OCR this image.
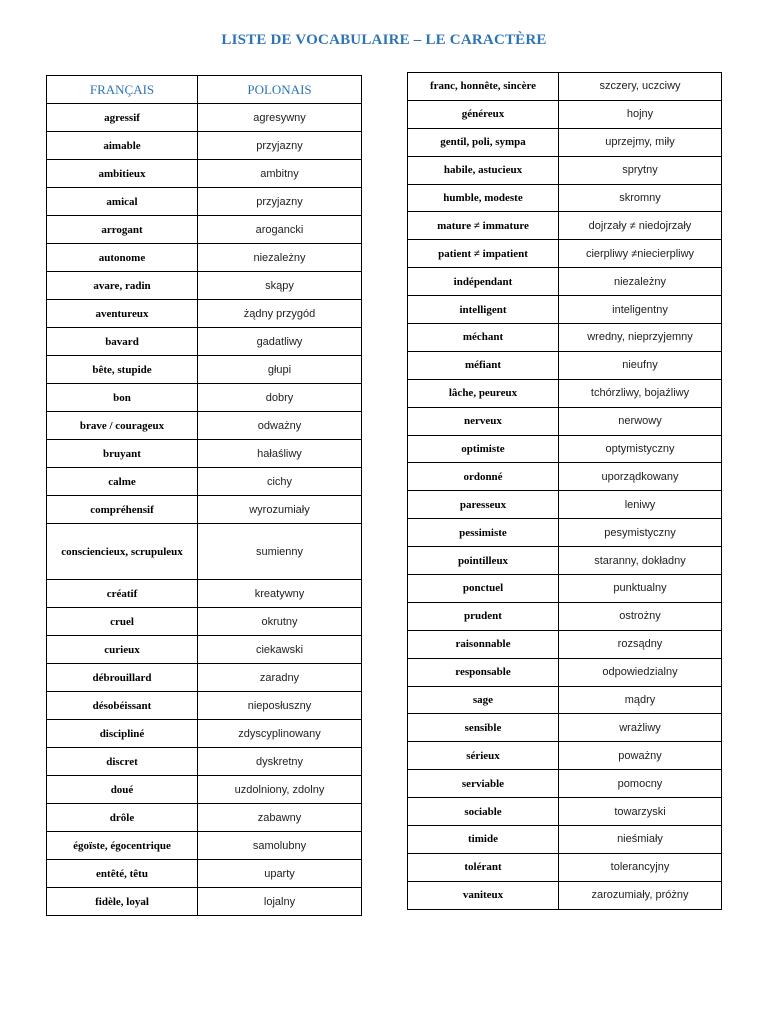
LISTE DE VOCABULAIRE – LE CARACTÈRE
FRANÇAIS	POLONAIS
agressif	agresywny
aimable	przyjazny
ambitieux	ambitny
amical	przyjazny
arrogant	arogancki
autonome	niezależny
avare, radin	skąpy
aventureux	żądny przygód
bavard	gadatliwy
bête, stupide	głupi
bon	dobry
brave / courageux	odważny
bruyant	hałaśliwy
calme	cichy
compréhensif	wyrozumiały
consciencieux, scrupuleux	sumienny
créatif	kreatywny
cruel	okrutny
curieux	ciekawski
débrouillard	zaradny
désobéissant	nieposłuszny
discipliné	zdyscyplinowany
discret	dyskretny
doué	uzdolniony, zdolny
drôle	zabawny
égoïste, égocentrique	samolubny
entêté, têtu	uparty
fidèle, loyal	lojalny
franc, honnête, sincère	szczery, uczciwy
généreux	hojny
gentil, poli, sympa	uprzejmy, miły
habile, astucieux	sprytny
humble, modeste	skromny
mature ≠ immature	dojrzały ≠ niedojrzały
patient ≠ impatient	cierpliwy ≠niecierpliwy
indépendant	niezależny
intelligent	inteligentny
méchant	wredny, nieprzyjemny
méfiant	nieufny
lâche, peureux	tchórzliwy, bojaźliwy
nerveux	nerwowy
optimiste	optymistyczny
ordonné	uporządkowany
paresseux	leniwy
pessimiste	pesymistyczny
pointilleux	staranny, dokładny
ponctuel	punktualny
prudent	ostrożny
raisonnable	rozsądny
responsable	odpowiedzialny
sage	mądry
sensible	wrażliwy
sérieux	poważny
serviable	pomocny
sociable	towarzyski
timide	nieśmiały
tolérant	tolerancyjny
vaniteux	zarozumiały, próżny
